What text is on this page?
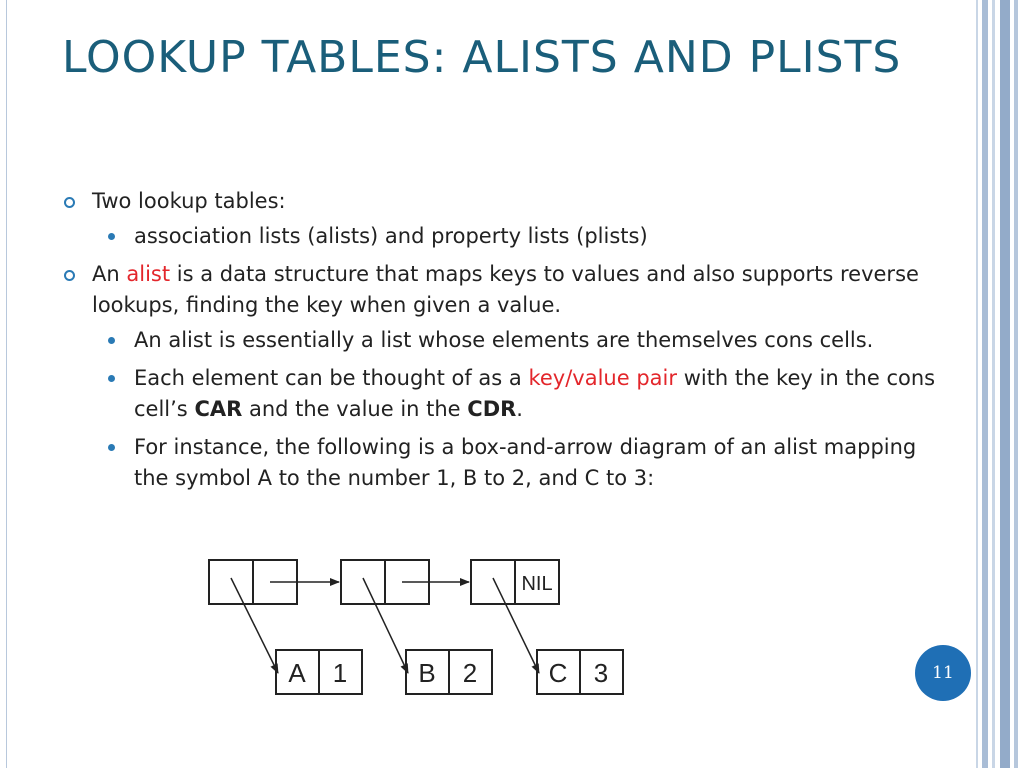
LOOKUP TABLES: ALISTS AND PLISTS
Two lookup tables:
association lists (alists) and property lists (plists)
An alist is a data structure that maps keys to values and also supports reverse lookups, finding the key when given a value.
An alist is essentially a list whose elements are themselves cons cells.
Each element can be thought of as a key/value pair with the key in the cons cell’s CAR and the value in the CDR.
For instance, the following is a box-and-arrow diagram of an alist mapping the symbol A to the number 1, B to 2, and C to 3:
NIL
A 1	B 2	C 3	11
